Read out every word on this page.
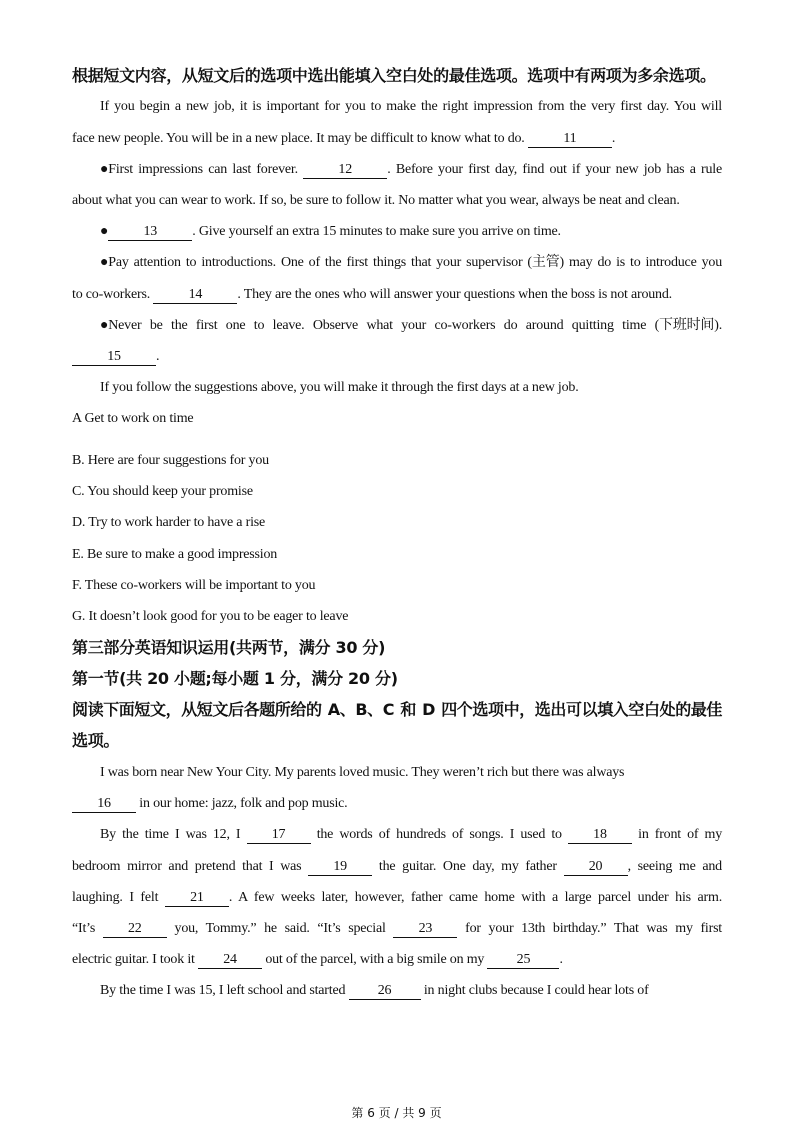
根据短文内容，从短文后的选项中选出能填入空白处的最佳选项。选项中有两项为多余选项。
If you begin a new job, it is important for you to make the right impression from the very first day. You will
face new people. You will be in a new place. It may be difficult to know what to do.	11	.
●First impressions can last forever.	12	. Before your first day, find out if your new job has a rule
about what you can wear to work. If so, be sure to follow it. No matter what you wear, always be neat and clean.
●	13	. Give yourself an extra 15 minutes to make sure you arrive on time.
●Pay attention to introductions. One of the first things that your supervisor (主管) may do is to introduce you
to co-workers.	14	. They are the ones who will answer your questions when the boss is not around.
●Never be the first one to leave. Observe what your co-workers do around quitting time (下班时间).
15	.
If you follow the suggestions above, you will make it through the first days at a new job.
A Get to work on time
B. Here are four suggestions for you
C. You should keep your promise
D. Try to work harder to have a rise
E. Be sure to make a good impression
F. These co-workers will be important to you
G. It doesn’t look good for you to be eager to leave
第三部分英语知识运用(共两节，满分 30 分)
第一节(共 20 小题;每小题 1 分，满分 20 分)
阅读下面短文，从短文后各题所给的 A、B、C 和 D 四个选项中，选出可以填入空白处的最佳
选项。
I was born near New Your City. My parents loved music. They weren’t rich but there was always
16 in our home: jazz, folk and pop music.
By the time I was 12, I 17 the words of hundreds of songs. I used to 18 in front of my
bedroom mirror and pretend that I was 19 the guitar. One day, my father 20 , seeing me and
laughing. I felt 21 . A few weeks later, however, father came home with a large parcel under his arm.
“It’s 22 you, Tommy.” he said. “It’s special 23 for your 13th birthday.” That was my first
electric guitar. I took it 24 out of the parcel, with a big smile on my 25 .
By the time I was 15, I left school and started 26 in night clubs because I could hear lots of
第 6 页 / 共 9 页
